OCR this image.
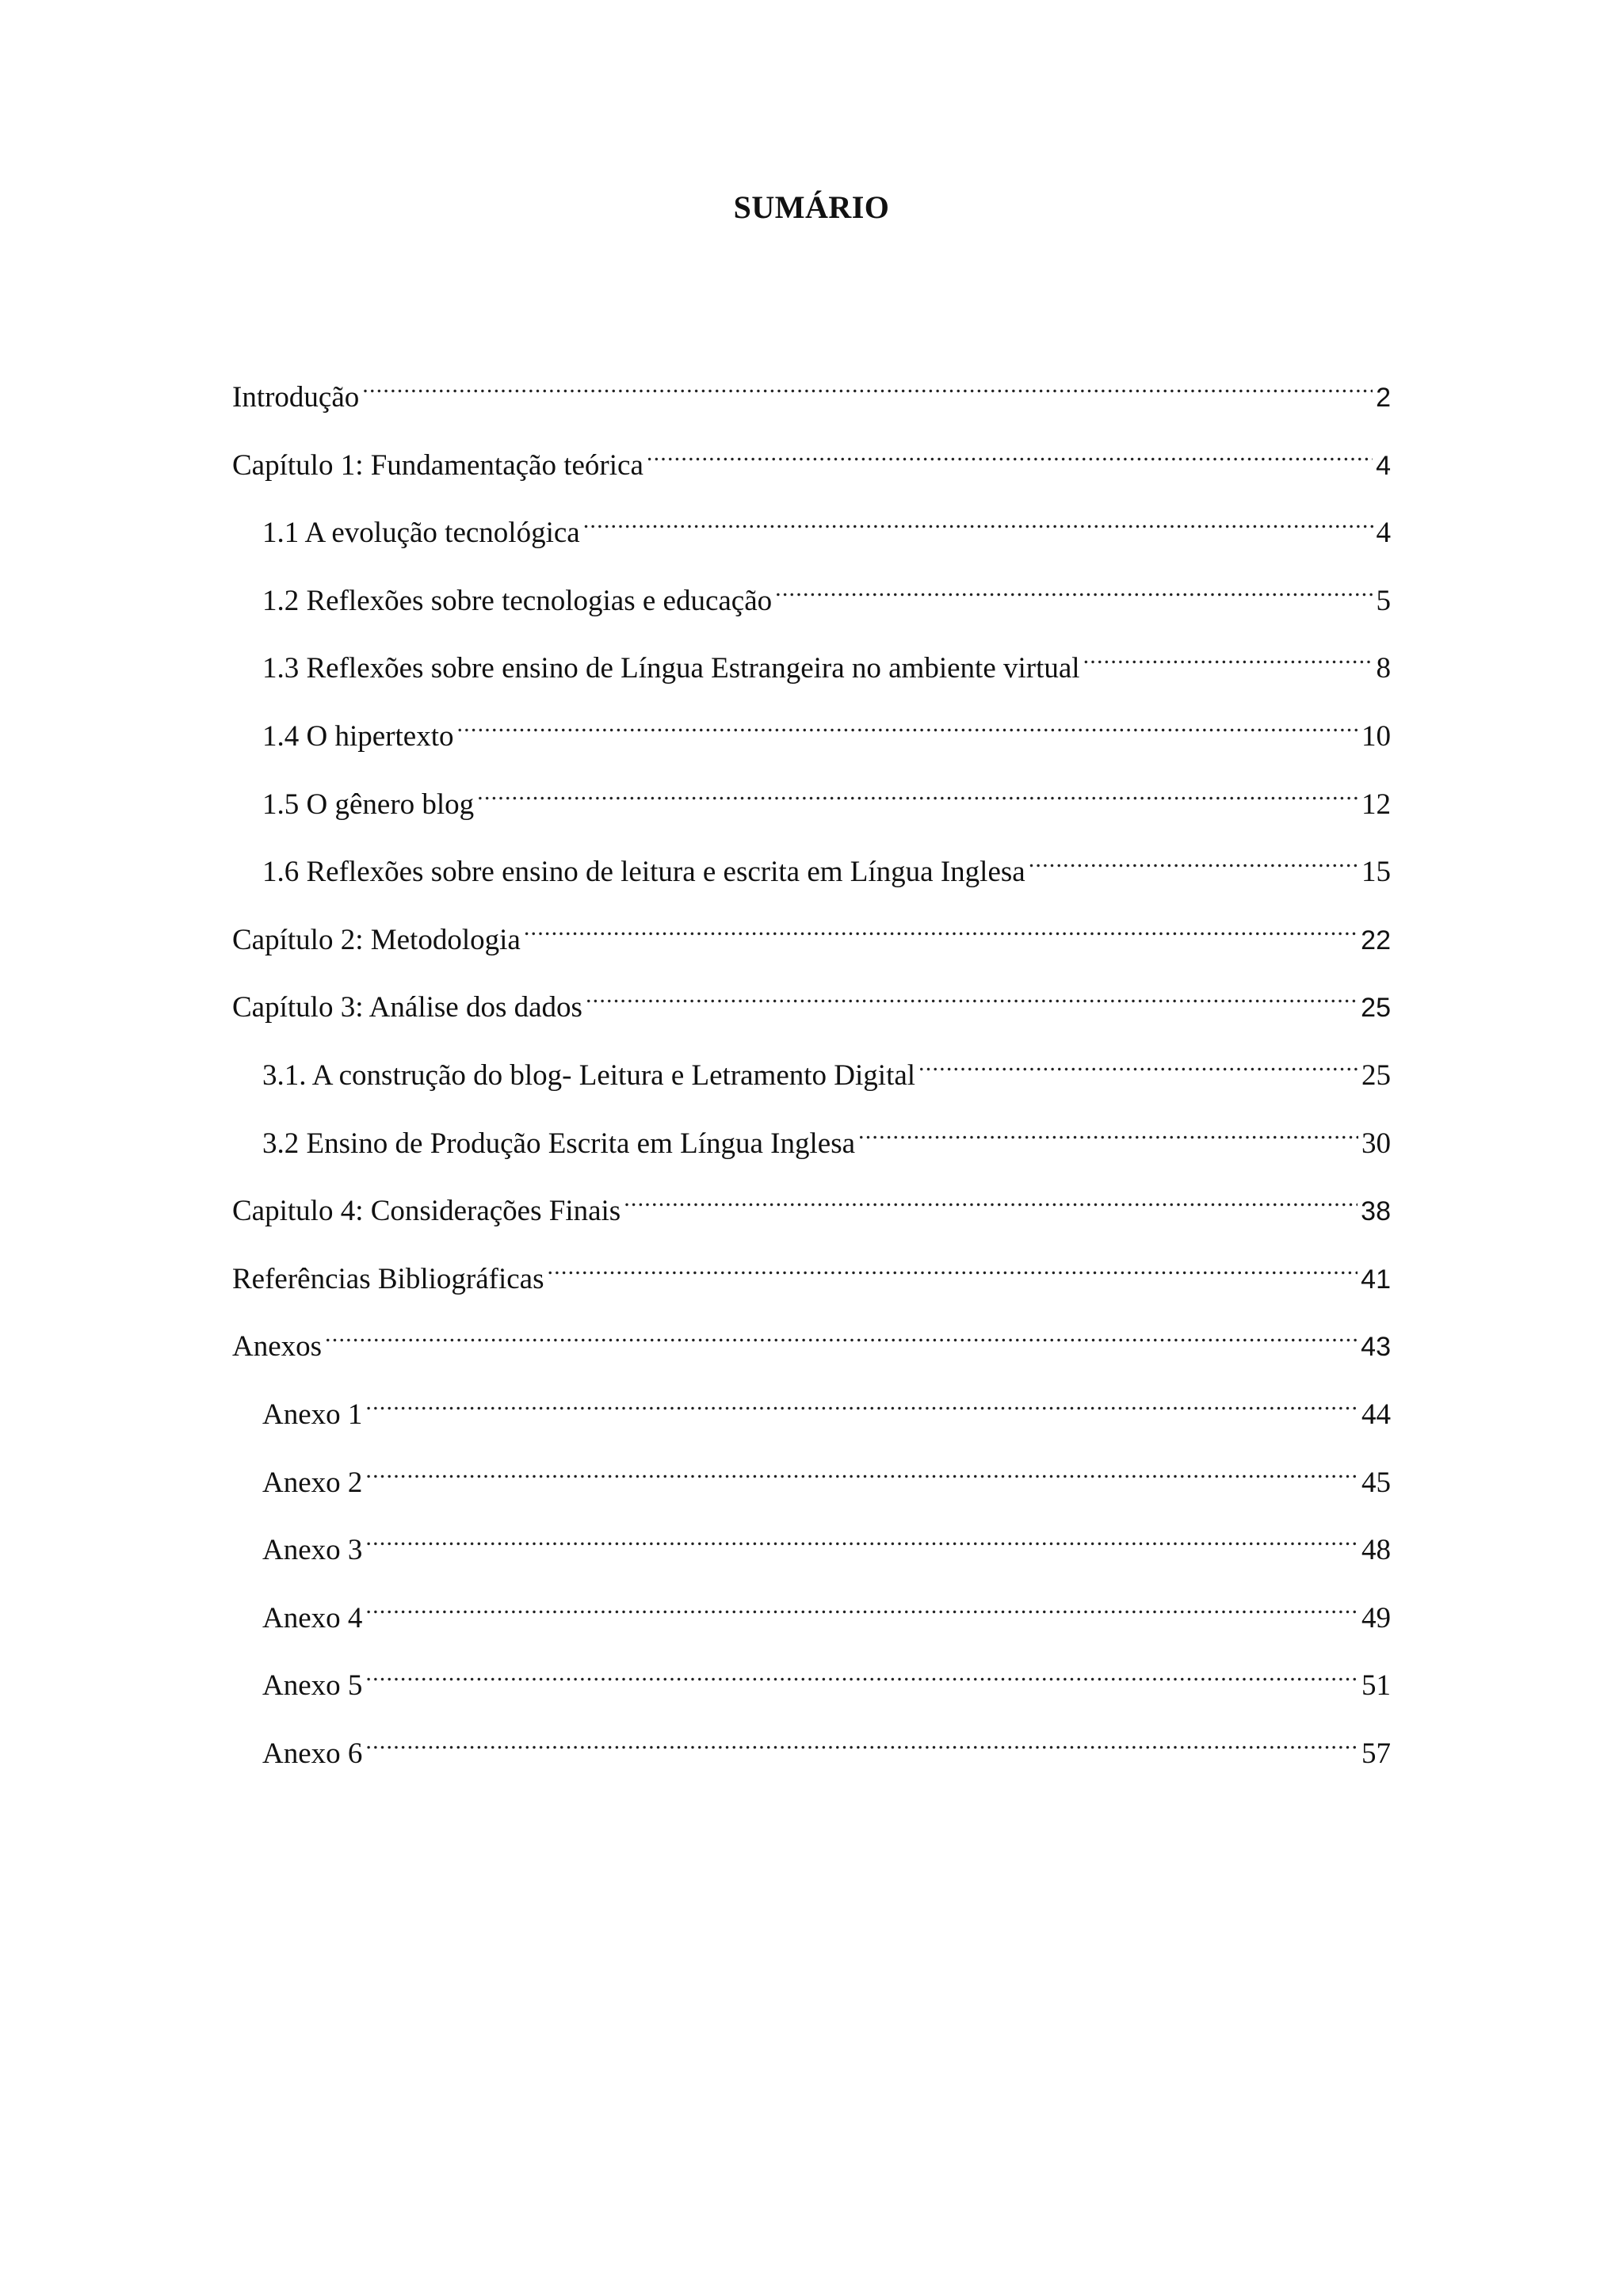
SUMÁRIO
Introdução .....	2
Capítulo 1: Fundamentação teórica .....	4
1.1 A evolução tecnológica .....	4
1.2 Reflexões sobre tecnologias e educação .....	5
1.3 Reflexões sobre ensino de Língua Estrangeira no ambiente virtual .....	8
1.4 O hipertexto .....	10
1.5 O gênero blog .....	12
1.6 Reflexões sobre ensino de leitura e escrita em Língua Inglesa .....	15
Capítulo 2: Metodologia .....	22
Capítulo 3: Análise dos dados .....	25
3.1. A construção do blog- Leitura e Letramento Digital .....	25
3.2 Ensino de Produção Escrita em Língua Inglesa .....	30
Capitulo 4: Considerações Finais .....	38
Referências Bibliográficas .....	41
Anexos .....	43
Anexo 1 .....	44
Anexo 2 .....	45
Anexo 3 .....	48
Anexo 4 .....	49
Anexo 5 .....	51
Anexo 6 .....	57
